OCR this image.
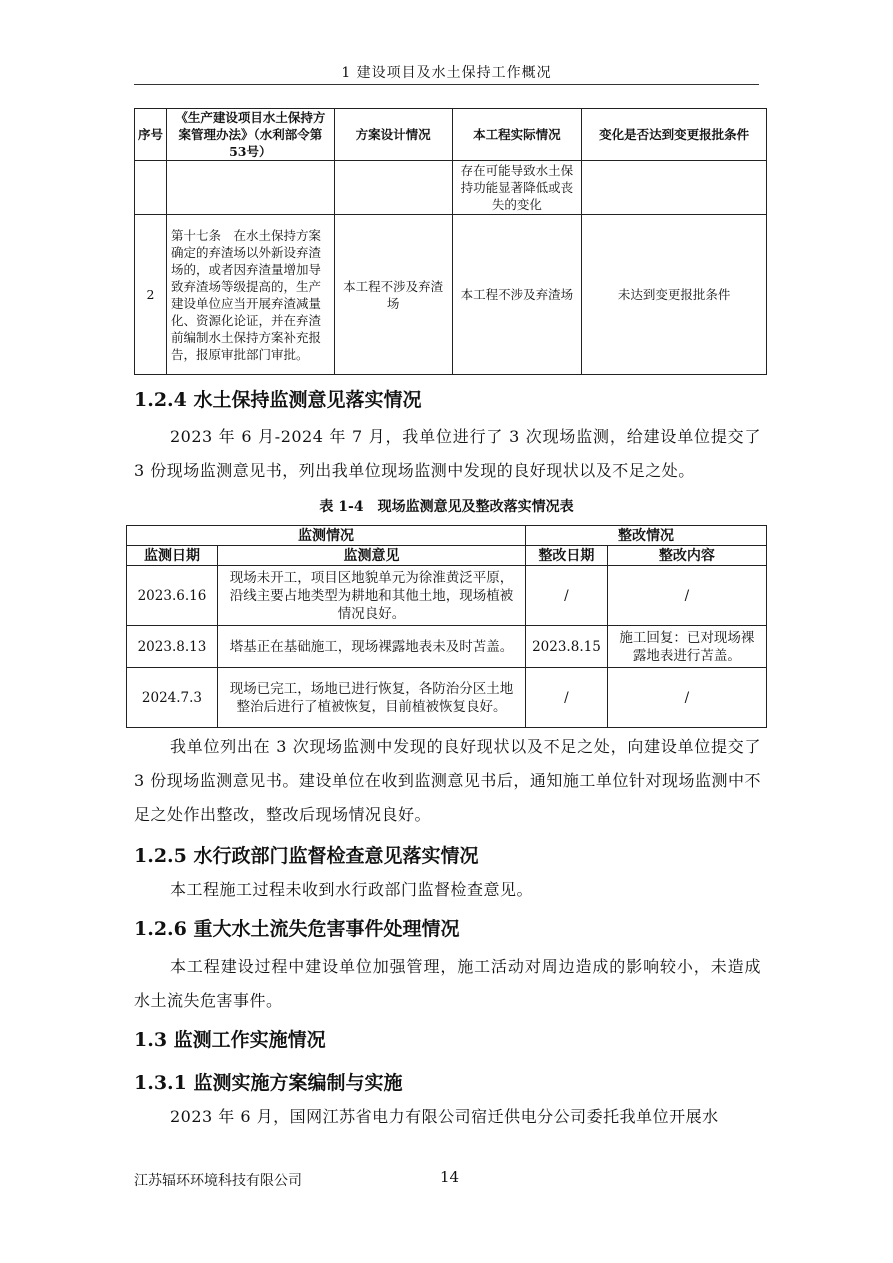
1 建设项目及水土保持工作概况
序号	《生产建设项目水土保持方案管理办法》（水利部令第53号）	方案设计情况	本工程实际情况	变化是否达到变更报批条件
			存在可能导致水土保持功能显著降低或丧失的变化	
2	第十七条　在水土保持方案确定的弃渣场以外新设弃渣场的，或者因弃渣量增加导致弃渣场等级提高的，生产建设单位应当开展弃渣减量化、资源化论证，并在弃渣前编制水土保持方案补充报告，报原审批部门审批。	本工程不涉及弃渣场	本工程不涉及弃渣场	未达到变更报批条件
1.2.4 水土保持监测意见落实情况

2023 年 6 月-2024 年 7 月，我单位进行了 3 次现场监测，给建设单位提交了 3 份现场监测意见书，列出我单位现场监测中发现的良好现状以及不足之处。

表 1-4　现场监测意见及整改落实情况表
监测情况		整改情况	
监测日期	监测意见	整改日期	整改内容
2023.6.16	现场未开工，项目区地貌单元为徐淮黄泛平原，沿线主要占地类型为耕地和其他土地，现场植被情况良好。	/	/
2023.8.13	塔基正在基础施工，现场裸露地表未及时苫盖。	2023.8.15	施工回复：已对现场裸露地表进行苫盖。
2024.7.3	现场已完工，场地已进行恢复，各防治分区土地整治后进行了植被恢复，目前植被恢复良好。	/	/

我单位列出在 3 次现场监测中发现的良好现状以及不足之处，向建设单位提交了 3 份现场监测意见书。建设单位在收到监测意见书后，通知施工单位针对现场监测中不足之处作出整改，整改后现场情况良好。

1.2.5 水行政部门监督检查意见落实情况

本工程施工过程未收到水行政部门监督检查意见。

1.2.6 重大水土流失危害事件处理情况

本工程建设过程中建设单位加强管理，施工活动对周边造成的影响较小，未造成水土流失危害事件。

1.3 监测工作实施情况
1.3.1 监测实施方案编制与实施

2023 年 6 月，国网江苏省电力有限公司宿迁供电分公司委托我单位开展水

江苏辐环环境科技有限公司	14
